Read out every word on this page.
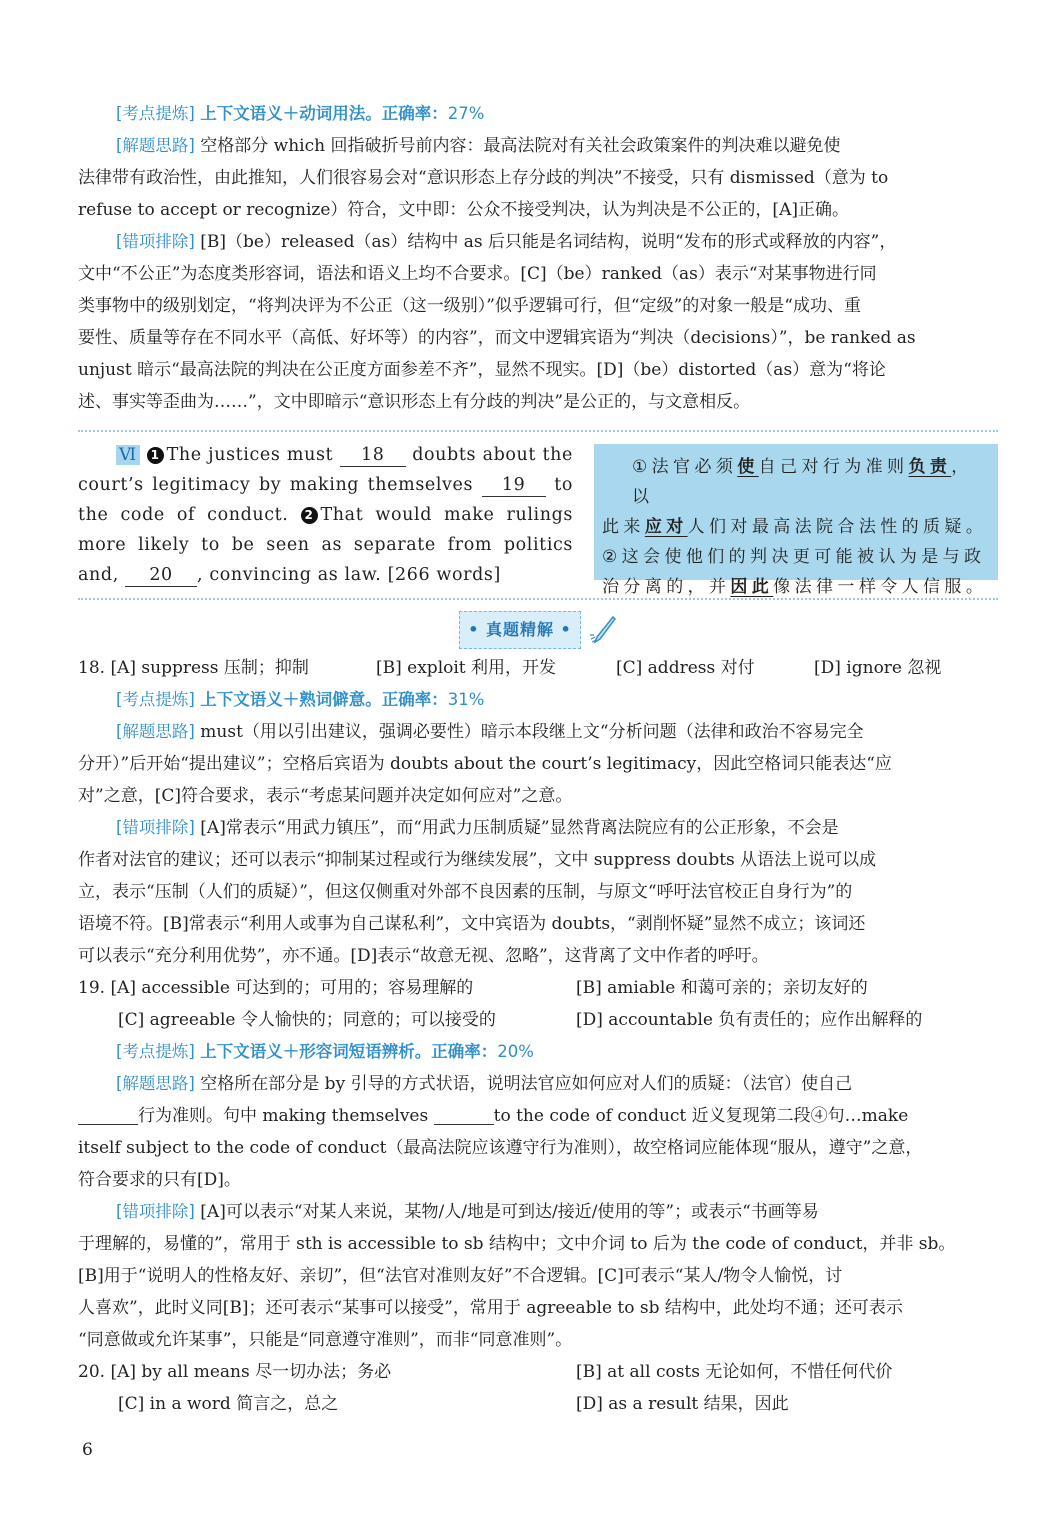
[考点提炼] 上下文语义＋动词用法。正确率：27%
[解题思路] 空格部分 which 回指破折号前内容：最高法院对有关社会政策案件的判决难以避免使
法律带有政治性，由此推知，人们很容易会对“意识形态上存分歧的判决”不接受，只有 dismissed（意为 to
refuse to accept or recognize）符合，文中即：公众不接受判决，认为判决是不公正的，[A]正确。
[错项排除] [B]（be）released（as）结构中 as 后只能是名词结构，说明“发布的形式或释放的内容”，
文中“不公正”为态度类形容词，语法和语义上均不合要求。[C]（be）ranked（as）表示“对某事物进行同
类事物中的级别划定，“将判决评为不公正（这一级别）”似乎逻辑可行，但“定级”的对象一般是“成功、重
要性、质量等存在不同水平（高低、好坏等）的内容”，而文中逻辑宾语为“判决（decisions）”，be ranked as
unjust 暗示“最高法院的判决在公正度方面参差不齐”，显然不现实。[D]（be）distorted（as）意为“将论
述、事实等歪曲为……”，文中即暗示“意识形态上有分歧的判决”是公正的，与文意相反。
Ⅵ 1 The justices must 18 doubts about the court’s legitimacy by making themselves 19 to the code of conduct. 2 That would make rulings more likely to be seen as separate from politics and, 20 , convincing as law. [266 words]
①法官必须使自己对行为准则负责，以
此来应对人们对最高法院合法性的质疑。
②这会使他们的判决更可能被认为是与政
治分离的，并因此像法律一样令人信服。
• 真题精解 •
18. [A] suppress 压制；抑制	[B] exploit 利用，开发	[C] address 对付	[D] ignore 忽视
[考点提炼] 上下文语义＋熟词僻意。正确率：31%
[解题思路] must（用以引出建议，强调必要性）暗示本段继上文“分析问题（法律和政治不容易完全
分开）”后开始“提出建议”；空格后宾语为 doubts about the court’s legitimacy，因此空格词只能表达“应
对”之意，[C]符合要求，表示“考虑某问题并决定如何应对”之意。
[错项排除] [A]常表示“用武力镇压”，而“用武力压制质疑”显然背离法院应有的公正形象，不会是
作者对法官的建议；还可以表示“抑制某过程或行为继续发展”，文中 suppress doubts 从语法上说可以成
立，表示“压制（人们的质疑）”，但这仅侧重对外部不良因素的压制，与原文“呼吁法官校正自身行为”的
语境不符。[B]常表示“利用人或事为自己谋私利”，文中宾语为 doubts，“剥削怀疑”显然不成立；该词还
可以表示“充分利用优势”，亦不通。[D]表示“故意无视、忽略”，这背离了文中作者的呼吁。
19. [A] accessible 可达到的；可用的；容易理解的	[B] amiable 和蔼可亲的；亲切友好的
[C] agreeable 令人愉快的；同意的；可以接受的	[D] accountable 负有责任的；应作出解释的
[考点提炼] 上下文语义＋形容词短语辨析。正确率：20%
[解题思路] 空格所在部分是 by 引导的方式状语，说明法官应如何应对人们的质疑：（法官）使自己
行为准则。句中 making themselves	to the code of conduct 近义复现第二段④句…make
itself subject to the code of conduct（最高法院应该遵守行为准则），故空格词应能体现“服从，遵守”之意，
符合要求的只有[D]。
[错项排除] [A]可以表示“对某人来说，某物/人/地是可到达/接近/使用的等”；或表示“书画等易
于理解的，易懂的”，常用于 sth is accessible to sb 结构中；文中介词 to 后为 the code of conduct，并非 sb。
[B]用于“说明人的性格友好、亲切”，但“法官对准则友好”不合逻辑。[C]可表示“某人/物令人愉悦，讨
人喜欢”，此时义同[B]；还可表示“某事可以接受”，常用于 agreeable to sb 结构中，此处均不通；还可表示
“同意做或允许某事”，只能是“同意遵守准则”，而非“同意准则”。
20. [A] by all means 尽一切办法；务必	[B] at all costs 无论如何，不惜任何代价
[C] in a word 简言之，总之	[D] as a result 结果，因此
6
